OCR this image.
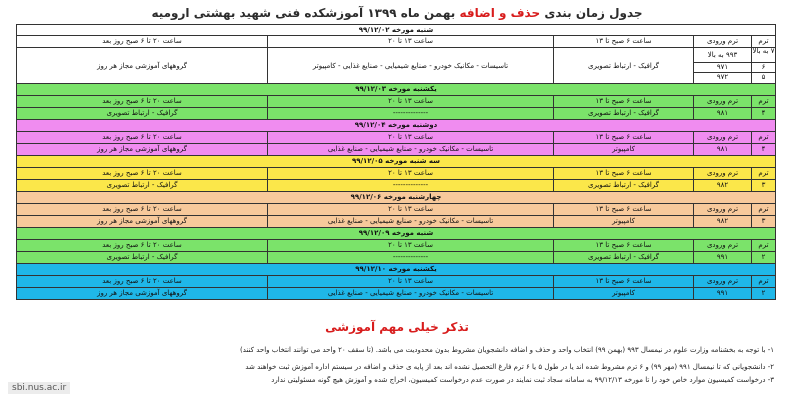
جدول زمان بندی حذف و اضافه بهمن ماه ۱۳۹۹ آموزشکده فنی شهید بهشتی ارومیه
شنبه مورخه ۹۹/۱۲/۰۲
ترم
ترم ورودی
ساعت ۶ صبح تا ۱۳
ساعت ۱۳ تا ۲۰
ساعت ۲۰ تا ۶ صبح روز بعد
۷ به بالا
۶
۵
۹۹۳ به بالا
۹۷۱
۹۷۲
گرافیک - ارتباط تصویری
تاسیسات - مکانیک خودرو - صنایع شیمیایی - صنایع غذایی - کامپیوتر
گروههای آموزشی مجاز هر روز
یکشنبه مورخه ۹۹/۱۲/۰۳
ترم
ترم ورودی
ساعت ۶ صبح تا ۱۳
ساعت ۱۳ تا ۲۰
ساعت ۲۰ تا ۶ صبح روز بعد
۴
۹۸۱
گرافیک - ارتباط تصویری
--------------
گرافیک - ارتباط تصویری
دوشنبه مورخه ۹۹/۱۲/۰۴
ترم
ترم ورودی
ساعت ۶ صبح تا ۱۳
ساعت ۱۳ تا ۲۰
ساعت ۲۰ تا ۶ صبح روز بعد
۴
۹۸۱
کامپیوتر
تاسیسات - مکانیک خودرو - صنایع شیمیایی - صنایع غذایی
گروههای آموزشی مجاز هر روز
سه شنبه مورخه ۹۹/۱۲/۰۵
ترم
ترم ورودی
ساعت ۶ صبح تا ۱۳
ساعت ۱۳ تا ۲۰
ساعت ۲۰ تا ۶ صبح روز بعد
۳
۹۸۲
گرافیک - ارتباط تصویری
--------------
گرافیک - ارتباط تصویری
چهارشنبه مورخه ۹۹/۱۲/۰۶
ترم
ترم ورودی
ساعت ۶ صبح تا ۱۳
ساعت ۱۳ تا ۲۰
ساعت ۲۰ تا ۶ صبح روز بعد
۳
۹۸۲
کامپیوتر
تاسیسات - مکانیک خودرو - صنایع شیمیایی - صنایع غذایی
گروههای آموزشی مجاز هر روز
شنبه مورخه ۹۹/۱۲/۰۹
ترم
ترم ورودی
ساعت ۶ صبح تا ۱۳
ساعت ۱۳ تا ۲۰
ساعت ۲۰ تا ۶ صبح روز بعد
۲
۹۹۱
گرافیک - ارتباط تصویری
--------------
گرافیک - ارتباط تصویری
یکشنبه مورخه ۹۹/۱۲/۱۰
ترم
ترم ورودی
ساعت ۶ صبح تا ۱۳
ساعت ۱۳ تا ۲۰
ساعت ۲۰ تا ۶ صبح روز بعد
۲
۹۹۱
کامپیوتر
تاسیسات - مکانیک خودرو - صنایع شیمیایی - صنایع غذایی
گروههای آموزشی مجاز هر روز
تذکر خیلی مهم آموزشی
۱- با توجه به بخشنامه وزارت علوم در نیمسال ۹۹۳ (بهمن ۹۹) انتخاب واحد و حذف و اضافه دانشجویان مشروط بدون محدودیت می باشد. (تا سقف ۲۰ واحد می توانند انتخاب واحد کنند)
۲- دانشجویانی که تا نیمسال ۹۹۱ (مهر ۹۹) و ۶ ترم مشروط شده اند یا در طول ۵ یا ۶ ترم فارغ التحصیل نشده اند بعد از پایه ی حذف و اضافه در سیستم اداره آموزش ثبت خواهند شد
۳- درخواست کمیسیون موارد خاص خود را تا مورخه ۹۹/۱۲/۱۳ به سامانه سجاد ثبت نمایند در صورت عدم درخواست کمیسیون، اخراج شده و آموزش هیچ گونه مسئولیتی ندارد
sbi.nus.ac.ir
